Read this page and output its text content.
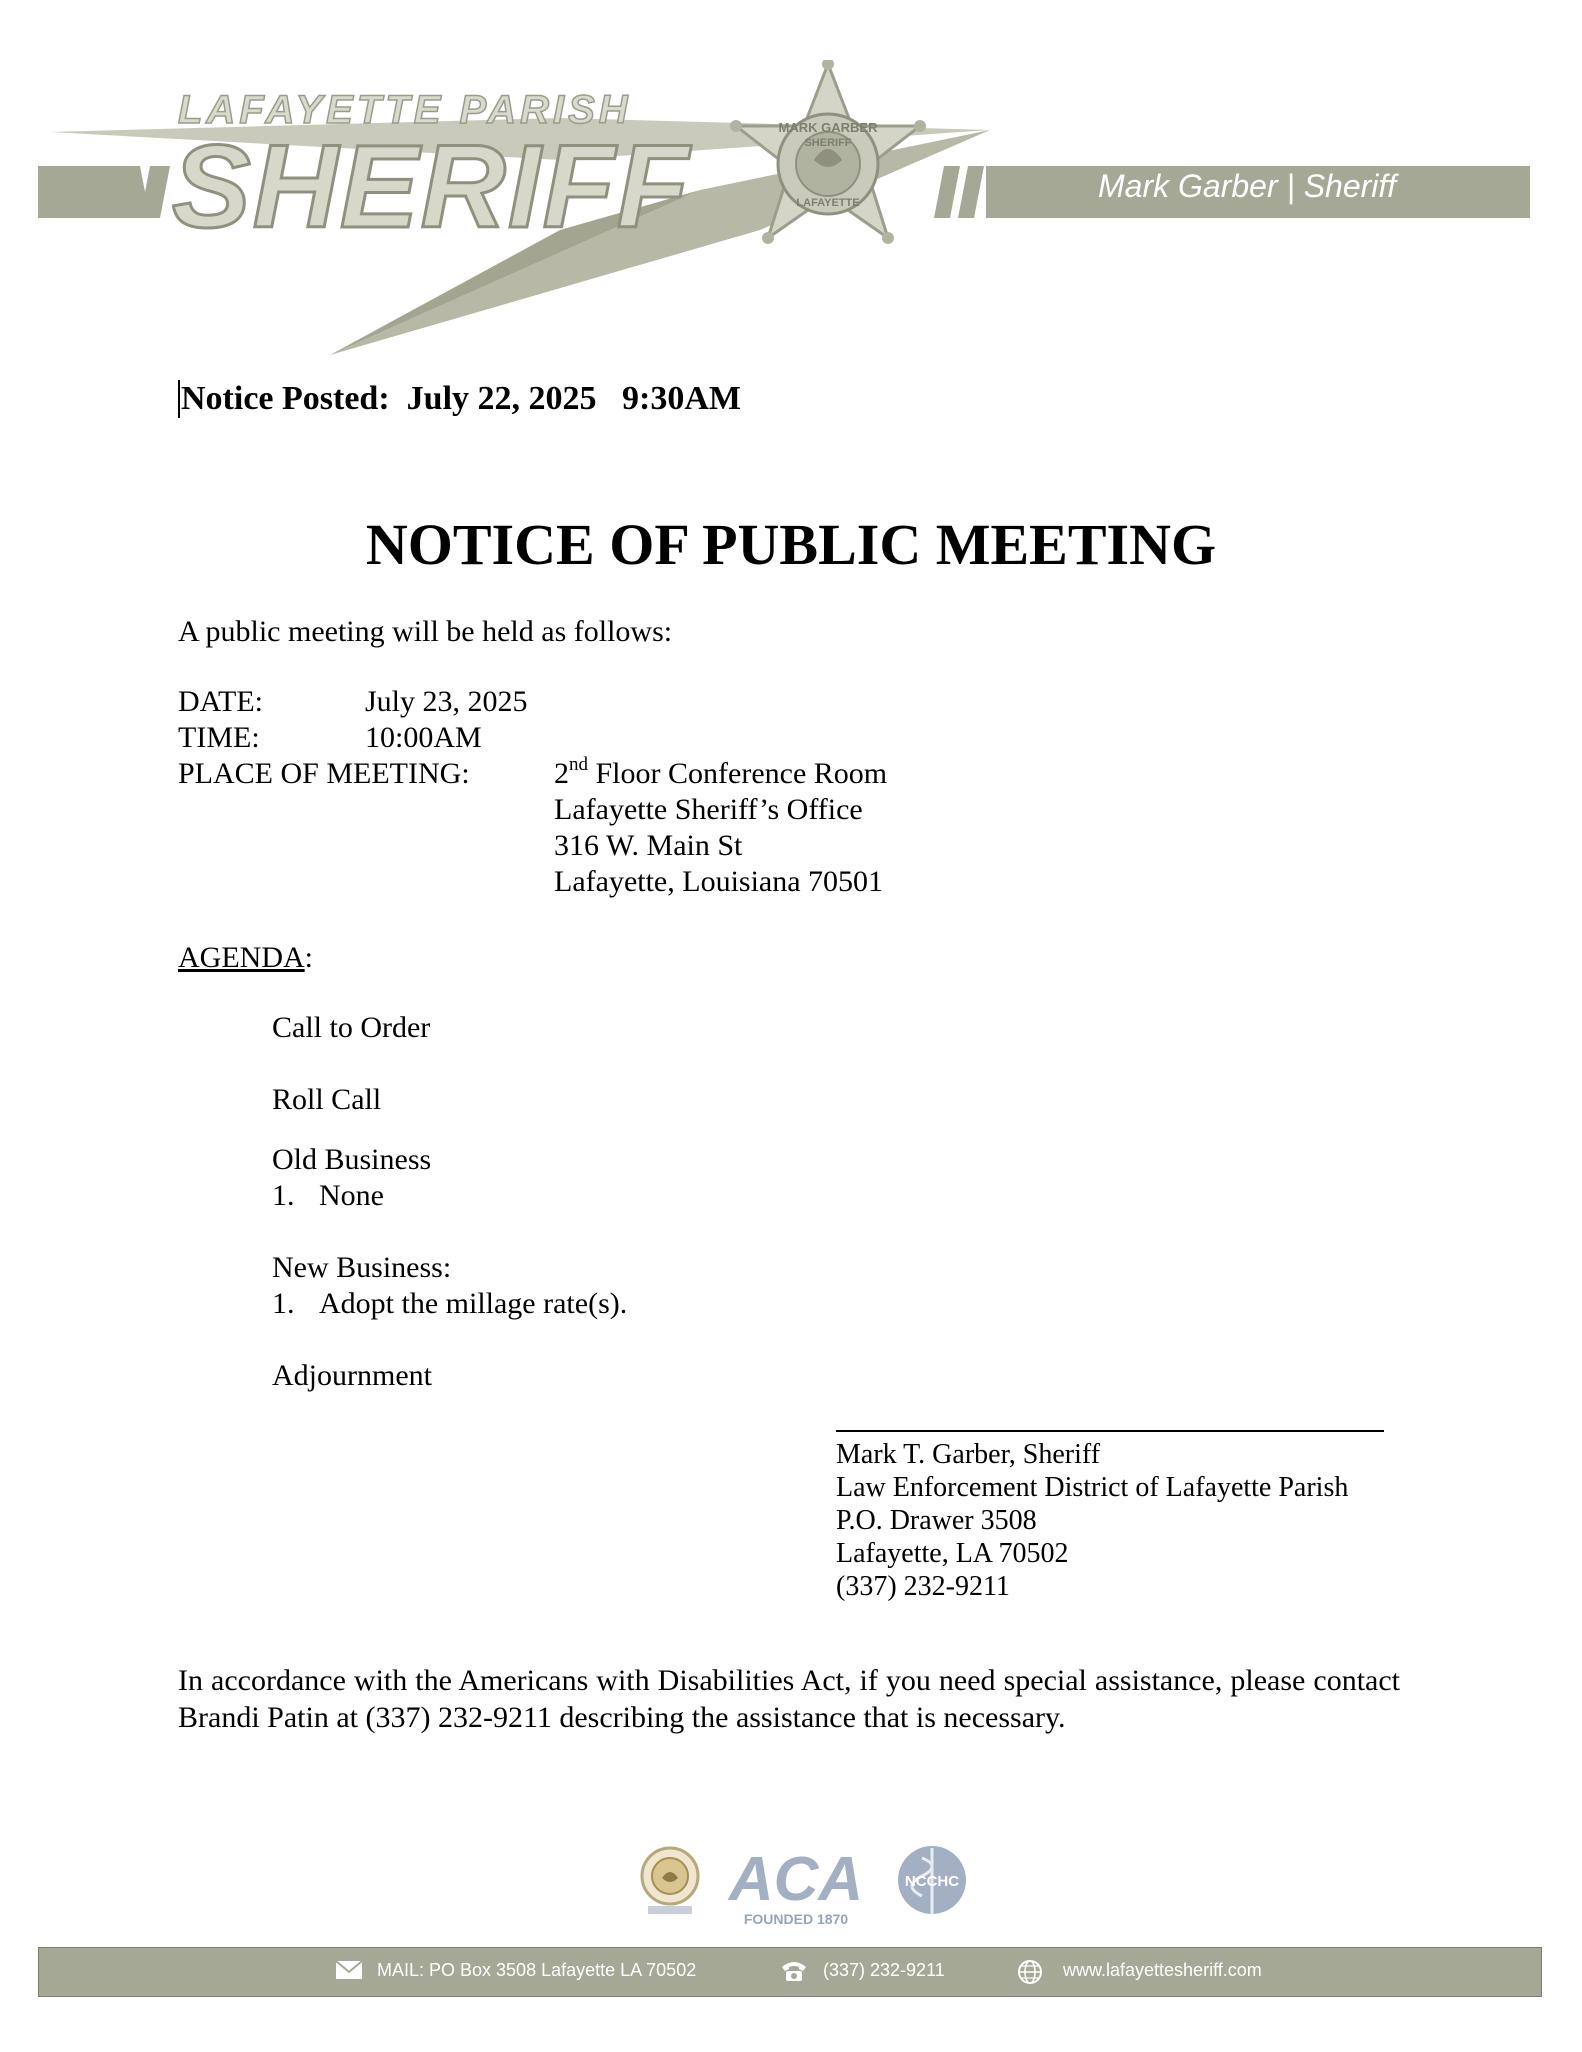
LAFAYETTE PARISH
SHERIFF	MARK GARBER
SHERIFF
LAFAYETTE	Mark Garber | Sheriff
Notice Posted: July 22, 2025 9:30AM
NOTICE OF PUBLIC MEETING
A public meeting will be held as follows:
DATE:	July 23, 2025
TIME:	10:00AM
PLACE OF MEETING:	2nd Floor Conference Room
Lafayette Sheriff’s Office
316 W. Main St
Lafayette, Louisiana 70501
AGENDA:
Call to Order
Roll Call
Old Business
1. None
New Business:
1. Adopt the millage rate(s).
Adjournment
Mark T. Garber, Sheriff
Law Enforcement District of Lafayette Parish
P.O. Drawer 3508
Lafayette, LA 70502
(337) 232-9211
In accordance with the Americans with Disabilities Act, if you need special assistance, please contact Brandi Patin at (337) 232-9211 describing the assistance that is necessary.
ACA
FOUNDED 1870
NCCHC
MAIL: PO Box 3508 Lafayette LA 70502	(337) 232-9211	www.lafayettesheriff.com
